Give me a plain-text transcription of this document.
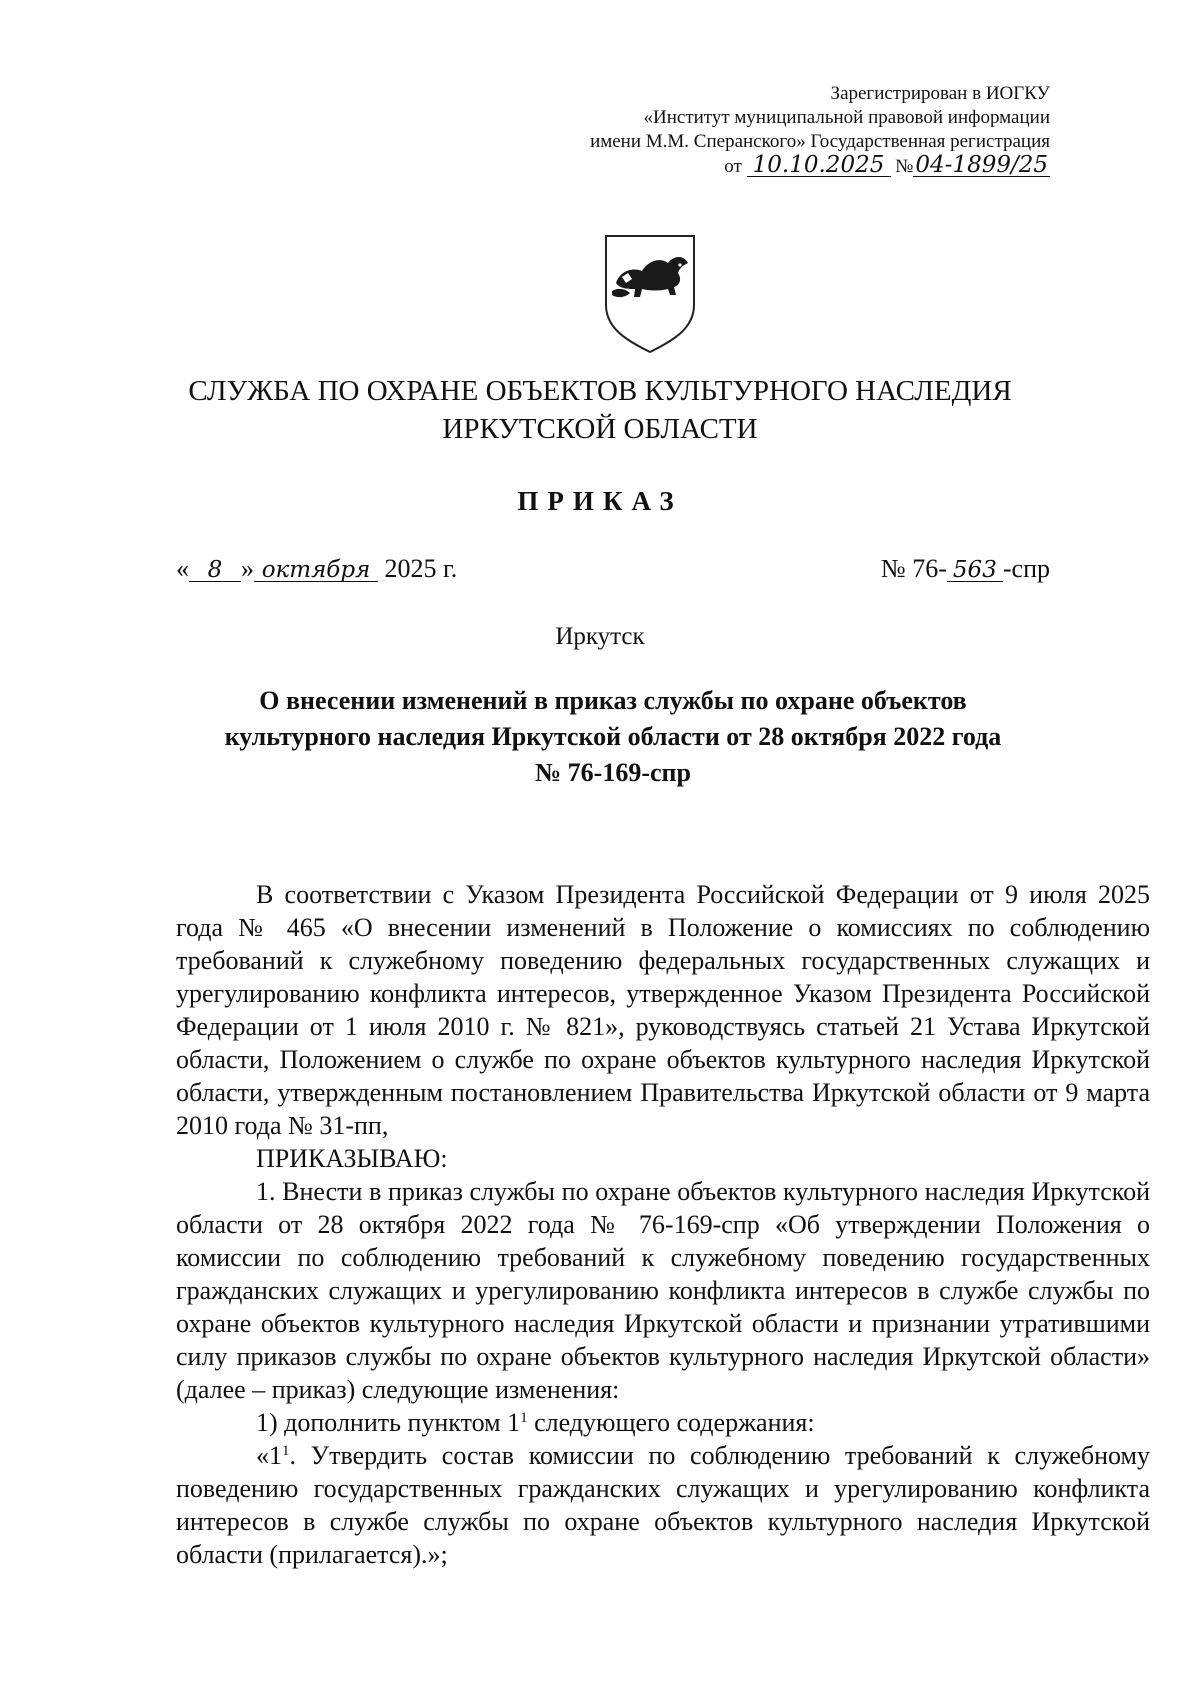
Зарегистрирован в ИОГКУ
«Институт муниципальной правовой информации
имени М.М. Сперанского» Государственная регистрация
от 10.10.2025 №04-1899/25
СЛУЖБА ПО ОХРАНЕ ОБЪЕКТОВ КУЛЬТУРНОГО НАСЛЕДИЯ
ИРКУТСКОЙ ОБЛАСТИ
ПРИКАЗ
« 8 » октября 2025 г.	№ 76- 563 -спр
Иркутск
О внесении изменений в приказ службы по охране объектов
культурного наследия Иркутской области от 28 октября 2022 года
№ 76-169-спр

В соответствии с Указом Президента Российской Федерации от 9 июля 2025 года № 465 «О внесении изменений в Положение о комиссиях по соблюдению требований к служебному поведению федеральных государственных служащих и урегулированию конфликта интересов, утвержденное Указом Президента Российской Федерации от 1 июля 2010 г. № 821», руководствуясь статьей 21 Устава Иркутской области, Положением о службе по охране объектов культурного наследия Иркутской области, утвержденным постановлением Правительства Иркутской области от 9 марта 2010 года № 31-пп,

ПРИКАЗЫВАЮ:

1. Внести в приказ службы по охране объектов культурного наследия Иркутской области от 28 октября 2022 года № 76-169-спр «Об утверждении Положения о комиссии по соблюдению требований к служебному поведению государственных гражданских служащих и урегулированию конфликта интересов в службе службы по охране объектов культурного наследия Иркутской области и признании утратившими силу приказов службы по охране объектов культурного наследия Иркутской области» (далее – приказ) следующие изменения:

1) дополнить пунктом $1^1$ следующего содержания:

«$1^1$. Утвердить состав комиссии по соблюдению требований к служебному поведению государственных гражданских служащих и урегулированию конфликта интересов в службе службы по охране объектов культурного наследия Иркутской области (прилагается).»;
